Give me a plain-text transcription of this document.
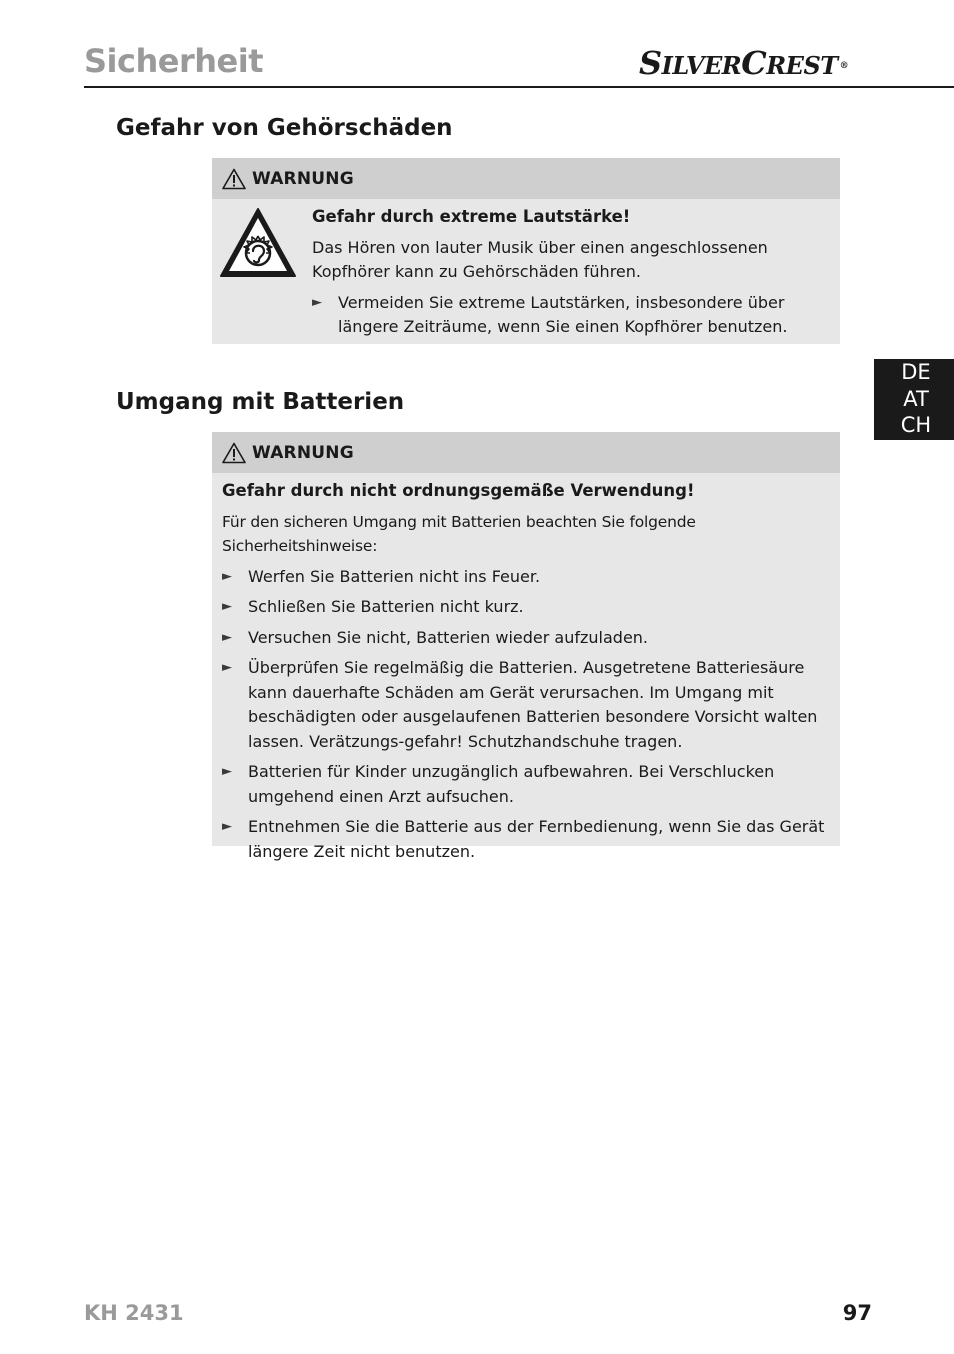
Sicherheit	SILVERCREST ®
Gefahr von Gehörschäden
WARNUNG
Gefahr durch extreme Lautstärke!
Das Hören von lauter Musik über einen angeschlossenen Kopfhörer kann zu Gehörschäden führen.
► Vermeiden Sie extreme Lautstärken, insbesondere über längere Zeiträume, wenn Sie einen Kopfhörer benutzen.
Umgang mit Batterien
WARNUNG
Gefahr durch nicht ordnungsgemäße Verwendung!
Für den sicheren Umgang mit Batterien beachten Sie folgende Sicherheitshinweise:
► Werfen Sie Batterien nicht ins Feuer.
► Schließen Sie Batterien nicht kurz.
► Versuchen Sie nicht, Batterien wieder aufzuladen.
► Überprüfen Sie regelmäßig die Batterien. Ausgetretene Batteriesäure kann dauerhafte Schäden am Gerät verursachen. Im Umgang mit beschädigten oder ausgelaufenen Batterien besondere Vorsicht walten lassen. Verätzungs-gefahr! Schutzhandschuhe tragen.
► Batterien für Kinder unzugänglich aufbewahren. Bei Verschlucken umgehend einen Arzt aufsuchen.
► Entnehmen Sie die Batterie aus der Fernbedienung, wenn Sie das Gerät längere Zeit nicht benutzen.
DE
AT
CH
KH 2431	97
